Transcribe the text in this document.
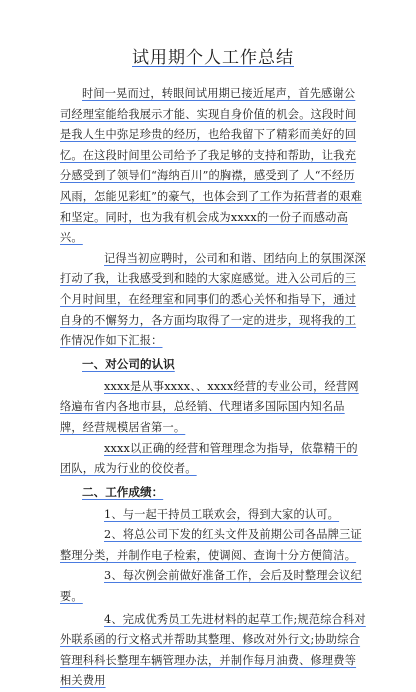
试用期个人工作总结

时间一晃而过，转眼间试用期已接近尾声，首先感谢公司经理室能给我展示才能、实现自身价值的机会。这段时间是我人生中弥足珍贵的经历，也给我留下了精彩而美好的回忆。在这段时间里公司给予了我足够的支持和帮助，让我充分感受到了领导们“海纳百川”的胸襟，感受到了 人“不经历风雨，怎能见彩虹”的豪气，也体会到了工作为拓营者的艰难和坚定。同时，也为我有机会成为xxxx的一份子而感动高兴。

记得当初应聘时，公司和和谐、团结向上的氛围深深打动了我，让我感受到和睦的大家庭感觉。进入公司后的三个月时间里，在经理室和同事们的悉心关怀和指导下，通过自身的不懈努力，各方面均取得了一定的进步，现将我的工作情况作如下汇报：

一、对公司的认识

xxxx是从事xxxx、、xxxx经营的专业公司，经营网络遍布省内各地市县，总经销、代理诸多国际国内知名品牌，经营规模居省第一。

xxxx以正确的经营和管理理念为指导，依靠精干的团队，成为行业的佼佼者。

二、工作成绩：

1、与一起干持员工联欢会，得到大家的认可。

2、将总公司下发的红头文件及前期公司各品牌三证整理分类，并制作电子检索，使调阅、查询十分方便简洁。

3、每次例会前做好准备工作，会后及时整理会议纪要。

4、完成优秀员工先进材料的起草工作;规范综合科对外联系函的行文格式并帮助其整理、修改对外行文;协助综合管理科科长整理车辆管理办法，并制作每月油费、修理费等相关费用
